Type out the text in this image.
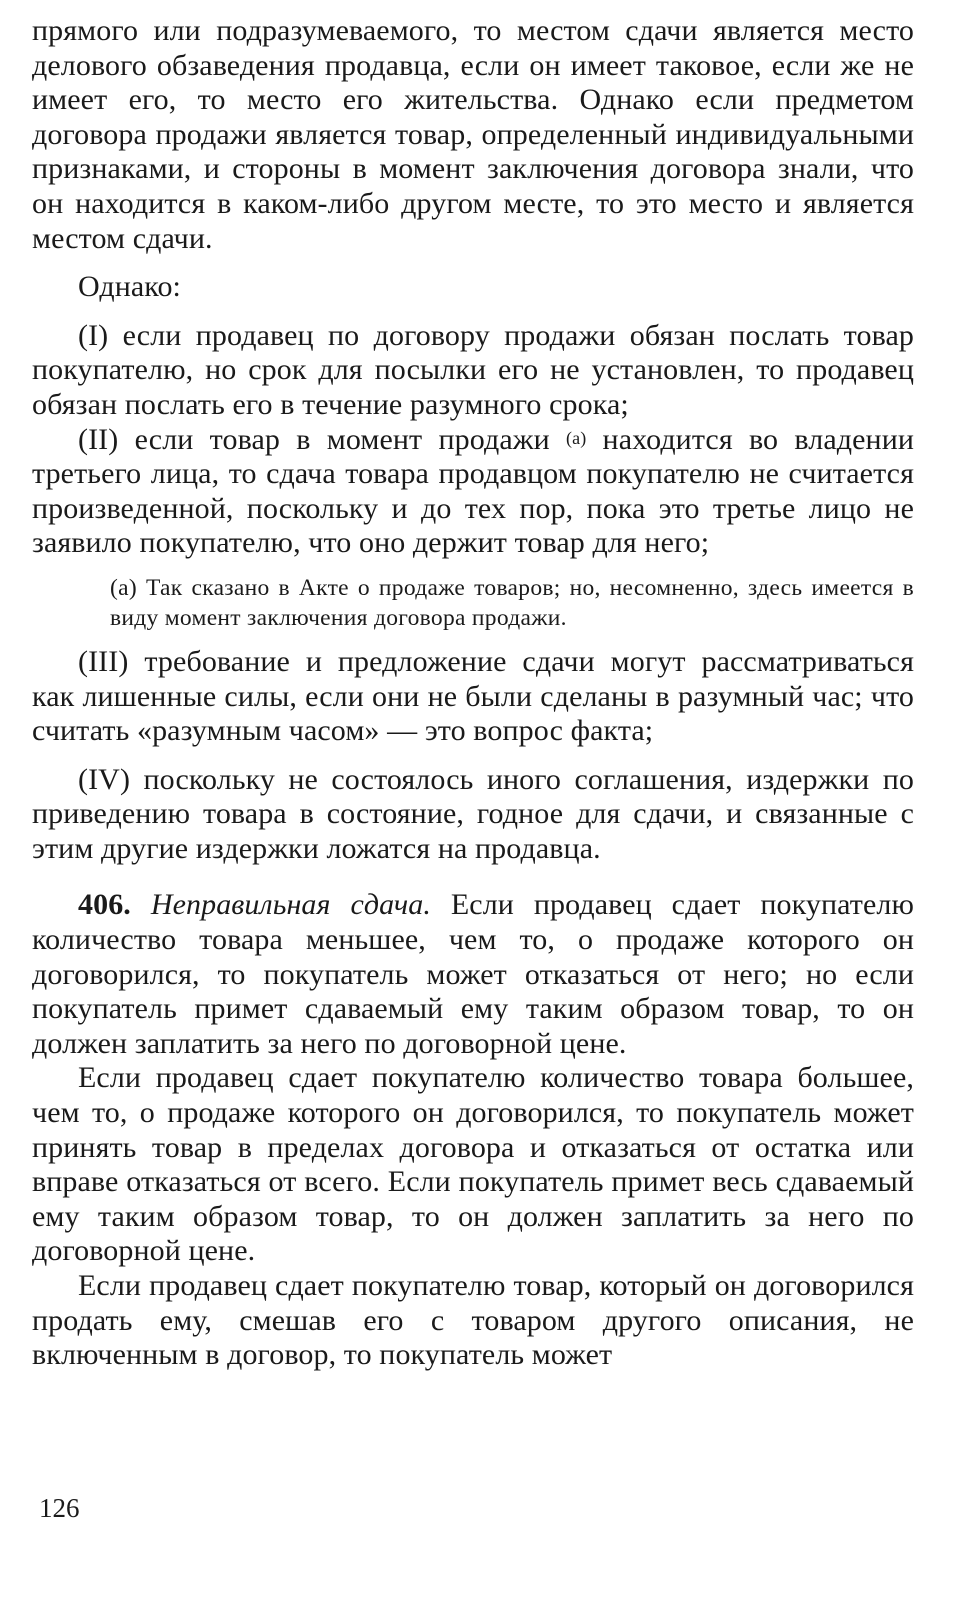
прямого или подразумеваемого, то местом сдачи является место делового обзаведения продавца, если он имеет таковое, если же не имеет его, то место его жительства. Однако если предметом договора продажи является товар, определенный индивидуальными признаками, и стороны в момент заключения договора знали, что он находится в каком-либо другом месте, то это место и является местом сдачи.

Однако:

(I) если продавец по договору продажи обязан послать товар покупателю, но срок для посылки его не установлен, то продавец обязан послать его в течение разумного срока;

(II) если товар в момент продажи $^{(a)}$ находится во владении третьего лица, то сдача товара продавцом покупателю не считается произведенной, поскольку и до тех пор, пока это третье лицо не заявило покупателю, что оно держит товар для него;

(a) Так сказано в Акте о продаже товаров; но, несомненно, здесь имеется в виду момент заключения договора продажи.

(III) требование и предложение сдачи могут рассматриваться как лишенные силы, если они не были сделаны в разумный час; что считать «разумным часом» — это вопрос факта;

(IV) поскольку не состоялось иного соглашения, издержки по приведению товара в состояние, годное для сдачи, и связанные с этим другие издержки ложатся на продавца.

406. Неправильная сдача. Если продавец сдает покупателю количество товара меньшее, чем то, о продаже которого он договорился, то покупатель может отказаться от него; но если покупатель примет сдаваемый ему таким образом товар, то он должен заплатить за него по договорной цене.

Если продавец сдает покупателю количество товара большее, чем то, о продаже которого он договорился, то покупатель может принять товар в пределах договора и отказаться от остатка или вправе отказаться от всего. Если покупатель примет весь сдаваемый ему таким образом товар, то он должен заплатить за него по договорной цене.

Если продавец сдает покупателю товар, который он договорился продать ему, смешав его с товаром другого описания, не включенным в договор, то покупатель может

126
